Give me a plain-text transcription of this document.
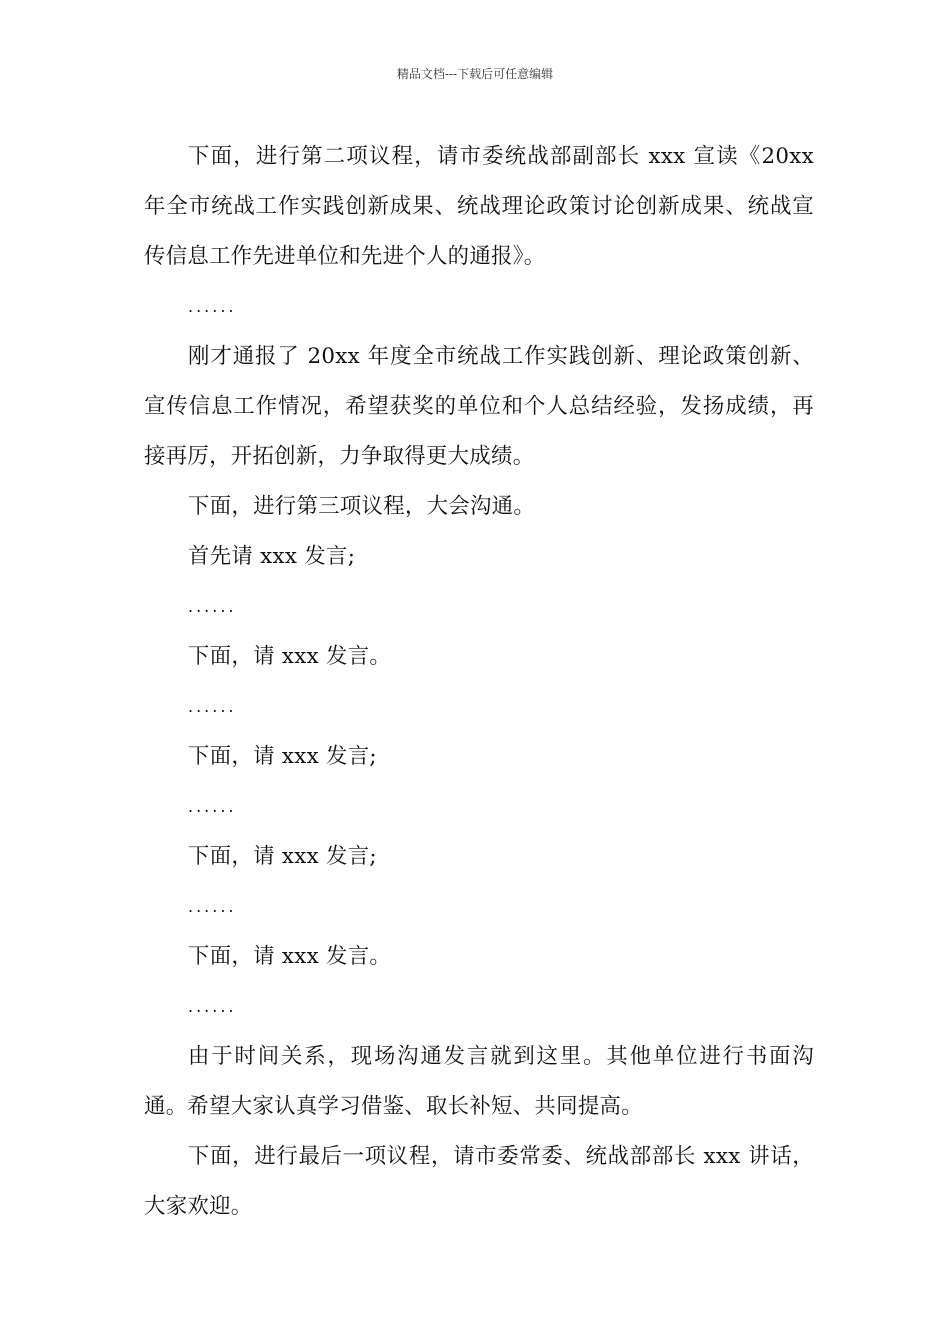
精品文档---下载后可任意编辑

下面，进行第二项议程，请市委统战部副部长 xxx 宣读《20xx 年全市统战工作实践创新成果、统战理论政策讨论创新成果、统战宣传信息工作先进单位和先进个人的通报》。

......

刚才通报了 20xx 年度全市统战工作实践创新、理论政策创新、宣传信息工作情况，希望获奖的单位和个人总结经验，发扬成绩，再接再厉，开拓创新，力争取得更大成绩。

下面，进行第三项议程，大会沟通。

首先请 xxx 发言;

......

下面，请 xxx 发言。

......

下面，请 xxx 发言;

......

下面，请 xxx 发言;

......

下面，请 xxx 发言。

......

由于时间关系，现场沟通发言就到这里。其他单位进行书面沟通。希望大家认真学习借鉴、取长补短、共同提高。

下面，进行最后一项议程，请市委常委、统战部部长 xxx 讲话，大家欢迎。
